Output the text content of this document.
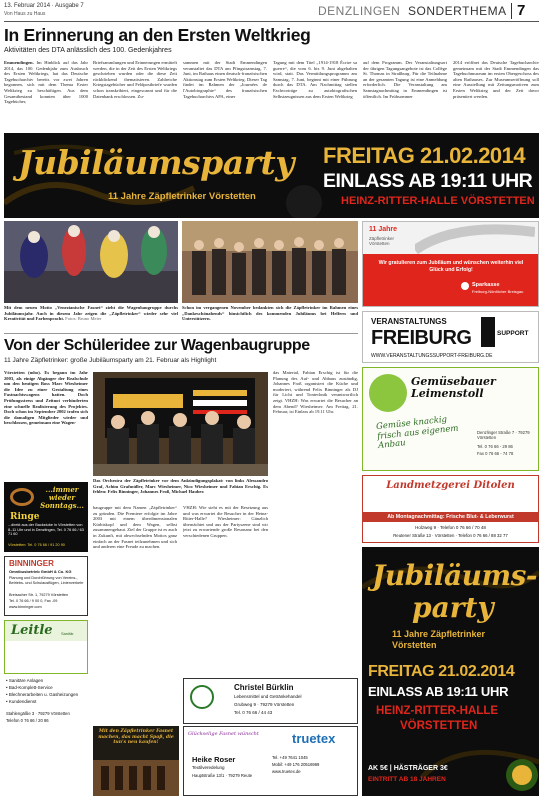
13. Februar 2014 · Ausgabe 7
Von Haus zu Haus	DENZLINGEN SONDERTHEMA 7
In Erinnerung an den Ersten Weltkrieg
Aktivitäten des DTA anlässlich des 100. Gedenkjahres
Emmendingen. Im Hinblick auf das Jahr 2014, das 100. Gedenkjahr zum Ausbruch des Ersten Weltkriegs, hat das Deutsche Tagebucharchiv bereits vor zwei Jahren begonnen, sich mit dem Thema Erster Weltkrieg zu beschäftigen. Aus dem Gesamtbestand konnten über 1000 Tagebücher,
Briefsammlungen und Erinnerungen ermittelt werden, die in der Zeit des Ersten Weltkriegs geschrieben wurden oder die diese Zeit rückblickend thematisieren. Zahlreiche Kriegstagebücher und Feldpostbriefe wurden schon transkribiert, eingescannt und für die Datenbank erschlossen. Zu-
sammen mit der Stadt Emmendingen veranstaltet das DTA am Pfingstsamstag, 7. Juni, im Rathaus einen deutsch-französischen Aktionstag zum Ersten Weltkrieg. Dieser Tag findet im Rahmen der „Journées de l'Autobiographie“ des französischen Tagebucharchivs APA, einer
Tagung mit dem Titel „1914-1918 Écrire sa guerre“, die vom 6. bis 9. Juni abgehalten wird, statt. Das Vermittlungsprogramm am Samstag, 7. Juni, beginnt mit einer Führung durch das DTA. Am Nachmittag stellen Fachvorträge zu autobiografischen Selbstzeugnissen aus dem Ersten Weltkrieg
auf dem Programm. Der Veranstaltungsort der übrigen Tagungsangebote ist das Collège St. Thomas in Straßburg. Für die Teilnahme an der gesamten Tagung ist eine Anmeldung erforderlich. Die Veranstaltung am Samstagnachmittag in Emmendingen ist öffentlich. Im Frühsommer
2014 eröffnet das Deutsche Tagebucharchiv gemeinsam mit der Stadt Emmendingen das Tagebuchmuseum im ersten Obergeschoss des alten Rathauses. Zur Museumseröffnung soll eine Ausstellung mit Zeitungsmotiven zum Ersten Weltkrieg und der Zeit davor präsentiert werden.
Jubiläumsparty
11 Jahre Zäpfletrinker Vörstetten
FREITAG 21.02.2014
EINLASS AB 19:11 UHR
HEINZ-RITTER-HALLE VÖRSTETTEN
Mit dem neuen Motto „Venezianische Fasnet“ zieht die Wagenbaugruppe durchs Jubiläumsjahr. Auch in diesem Jahr zeigen die „Zäpfletrinker“ wieder sehr viel Kreativität und Farbenpracht. Fotos: Bruno Meier
Schon im vergangenen November bedankten sich die Zäpfletrinker im Rahmen eines „Dankeschönabends“ hinsichtlich des kommenden Jubiläums bei Helfern und Unterstützern.
11 Jahre
Zäpfletrinker Vörstetten
Wir gratulieren zum Jubiläum und wünschen weiterhin viel Glück und Erfolg!
Sparkasse
Freiburg-Nördlicher Breisgau
VERANSTALTUNGS
FREIBURG	SUPPORT
WWW.VERANSTALTUNGSSUPPORT-FREIBURG.DE
Von der Schüleridee zur Wagenbaugruppe
11 Jahre Zäpfletrinker: große Jubiläumsparty am 21. Februar als Highlight
Vörstetten (mbo). Es begann im Jahr 2003, als einige Abgänger der Realschule um den heutigen Boss Marc Wiesheimer die Idee zu einer Gestaltung eines Fastnachtswagens hatten. Doch Prüfungsstress und Zeitnot verhinderten eine schnelle Realisierung des Projektes. Doch schon im September 2002 trafen sich die damaligen Mitglieder wieder und beschlossen, gemeinsam eine Wagen-
Das Orchestra der Zäpfletrinker vor dem Ankündigungsplakat: von links Alessandro Graf, Achim Grafmüller, Marc Wiesheimer, Nico Wiesheimer und Fabian Erschig. Es fehlen: Felix Binninger, Johannes Froß, Michael Hauber.
das Material, Fabian Erschig ist für die Planung des Auf- und Abbaus zuständig, Johannes Froß organisiert die Küche und moderiert, während Felix Binninger als DJ für Licht und Tontechnik verantwortlich zeigt. VHZH: Was erwartet die Besucher an dem Abend? Wiesheimer: Am Freitag, 21. Februar, ist Einlass ab 19.11 Uhr.
baugruppe mit dem Namen „Zäpfletrinker“ zu gründen. Die Premiere erfolgte im Jahre 2003 mit einem überdimensionalen Kürbiskopf und dem Wagen, selbst zusammengebaut. Ziel der Gruppe ist es auch in Zukunft, mit abwechselnden Mottos ganz einfach an der Fasnet teilzunehmen und sich und anderen eine Freude zu machen.
VHZH: Wie sieht es mit der Besetzung aus und was erwartet die Besucher in der Heinz-Ritter-Halle? Wiesheimer: Gänzlich übernächtet und aus der Partyszene sind wir jetzt zu erwartende große Resonanz bei den verschiedenen Gruppen.
...immer wieder Sonntags...
Ringe
...direkt aus der Backstube in Vörstetten von 8–11 Uhr und in Denzlingen, Tel. 0 76 66 / 63 71 60
Vörstetten: Tel. 0 76 66 / 91 20 90
BINNINGER
Omnibusbetrieb GmbH & Co. KG
Planung und Durchführung von Vereins-, Betriebs- und Schulausflügen, Linienverkehr
Breisacher Str. 1, 79279 Vörstetten
Tel. 0 76 66 / 9 00 0, Fax -09
www.binninger.com
Leitle Sanitär
• Sanitäre Anlagen
• Bad-Komplett-Service
• Blechnerarbeiten u. Gasheizungen
• Kundendienst
Stahlengäßle 3 · 79279 Vörstetten
Telefon 0 76 66 / 20 86
Christel Bürklin
Lebensmittel und Getränkehandel
Grubweg 9 · 79279 Vörstetten
Tel. 0 76 66 / 44 43
Mit den Zäpfletrinker Fasnet machen, das macht Spaß, die tun's neu kaufen!
Glückselige Fasnet wünscht
Heike Roser
Textilveredelung
Hauptstraße 13/1 · 79279 Reute
Tel. +49 7641 1045
Mobil: +49 176 20516969
www.truetex.de
truetex
Gemüsebauer Leimenstoll
Gemüse knackig frisch aus eigenem Anbau
Denzlinger Straße 7 · 79279 Vörstetten
Tel. 0 76 66 - 29 86
Fax 0 76 66 - 74 78
Landmetzgerei Ditolen
Ab Montagnachmittag: Frische Blut- & Leberwurst
Holzweg 9 · Telefon 0 76 66 / 70 48
Reutener Straße 13 · Vörstetten · Telefon 0 76 66 / 88 32 77
Jubiläums-
party
11 Jahre Zäpfletrinker Vörstetten
FREITAG 21.02.2014
EINLASS AB 19:11 UHR
HEINZ-RITTER-HALLE
VÖRSTETTEN
AK 5€ | HÄSTRÄGER 3€
EINTRITT AB 18 JAHREN
